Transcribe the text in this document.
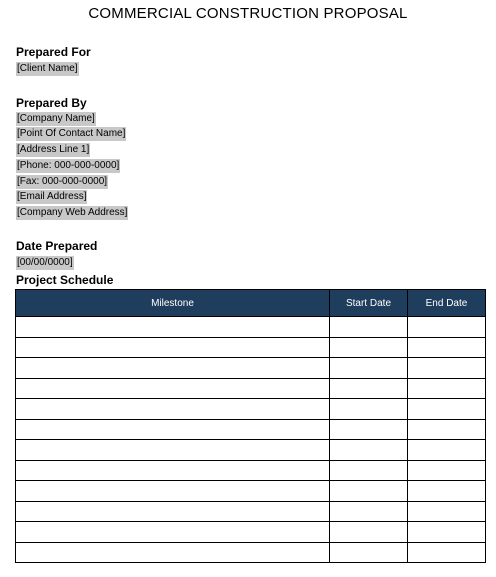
COMMERCIAL CONSTRUCTION PROPOSAL
Prepared For
[Client Name]
Prepared By
[Company Name]
[Point Of Contact Name]
[Address Line 1]
[Phone: 000-000-0000]
[Fax: 000-000-0000]
[Email Address]
[Company Web Address]
Date Prepared
[00/00/0000]
Project Schedule
Milestone	Start Date	End Date
